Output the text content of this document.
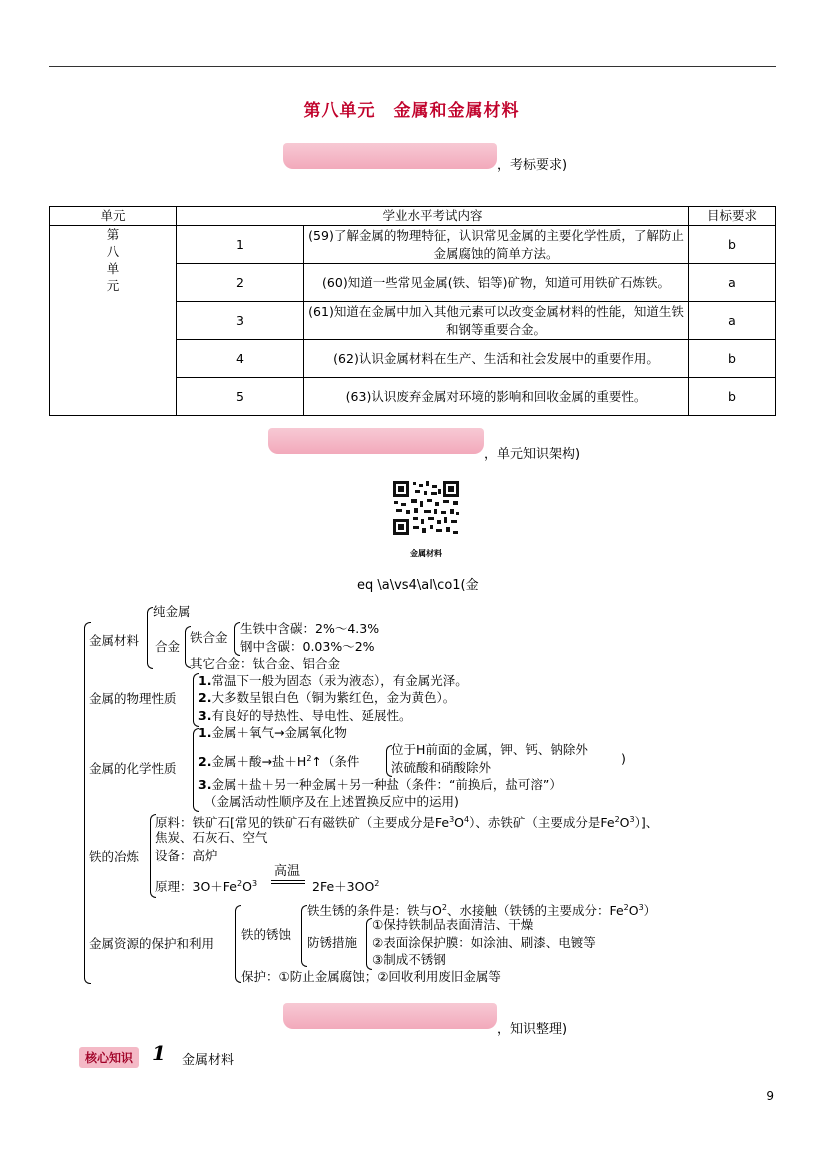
第八单元　金属和金属材料
，考标要求)
单元	学业水平考试内容		目标要求
第
八
单
元	1	(59)了解金属的物理特征，认识常见金属的主要化学性质，了解防止金属腐蚀的简单方法。	b
	2	(60)知道一些常见金属(铁、铝等)矿物，知道可用铁矿石炼铁。	a
	3	(61)知道在金属中加入其他元素可以改变金属材料的性能，知道生铁和钢等重要合金。	a
	4	(62)认识金属材料在生产、生活和社会发展中的重要作用。	b
	5	(63)认识废弃金属对环境的影响和回收金属的重要性。	b
，单元知识架构)
金属材料
eq \a\vs4\al\co1(金
金属材料
纯金属
合金
铁合金
生铁中含碳：2%～4.3%
钢中含碳：0.03%～2%
其它合金：钛合金、铝合金
金属的物理性质
1.常温下一般为固态（汞为液态），有金属光泽。
2.大多数呈银白色（铜为紫红色，金为黄色）。
3.有良好的导热性、导电性、延展性。
金属的化学性质
1.金属＋氧气→金属氧化物
2.金属＋酸→盐$+H^2↑$（条件
位于H前面的金属，钾、钙、钠除外
浓硫酸和硝酸除外
)
3.金属＋盐＋另一种金属＋另一种盐（条件：“前换后，盐可溶”）
（金属活动性顺序及在上述置换反应中的运用)
铁的冶炼
原料：铁矿石[常见的铁矿石有磁铁矿（主要成分是$Fe^3O^4$）、赤铁矿（主要成分是$Fe^2O^3$）]、
焦炭、石灰石、空气
设备：高炉
原理：$3O+Fe^2O^3$
高温
$2Fe+3OO^2$
金属资源的保护和利用
铁的锈蚀
铁生锈的条件是：铁与$O^2$、水接触（铁锈的主要成分：$Fe^2O^3$）
防锈措施
①保持铁制品表面清洁、干燥
②表面涂保护膜：如涂油、刷漆、电镀等
③制成不锈钢
保护：①防止金属腐蚀；②回收利用废旧金属等
，知识整理)
核心知识 1 金属材料
9
